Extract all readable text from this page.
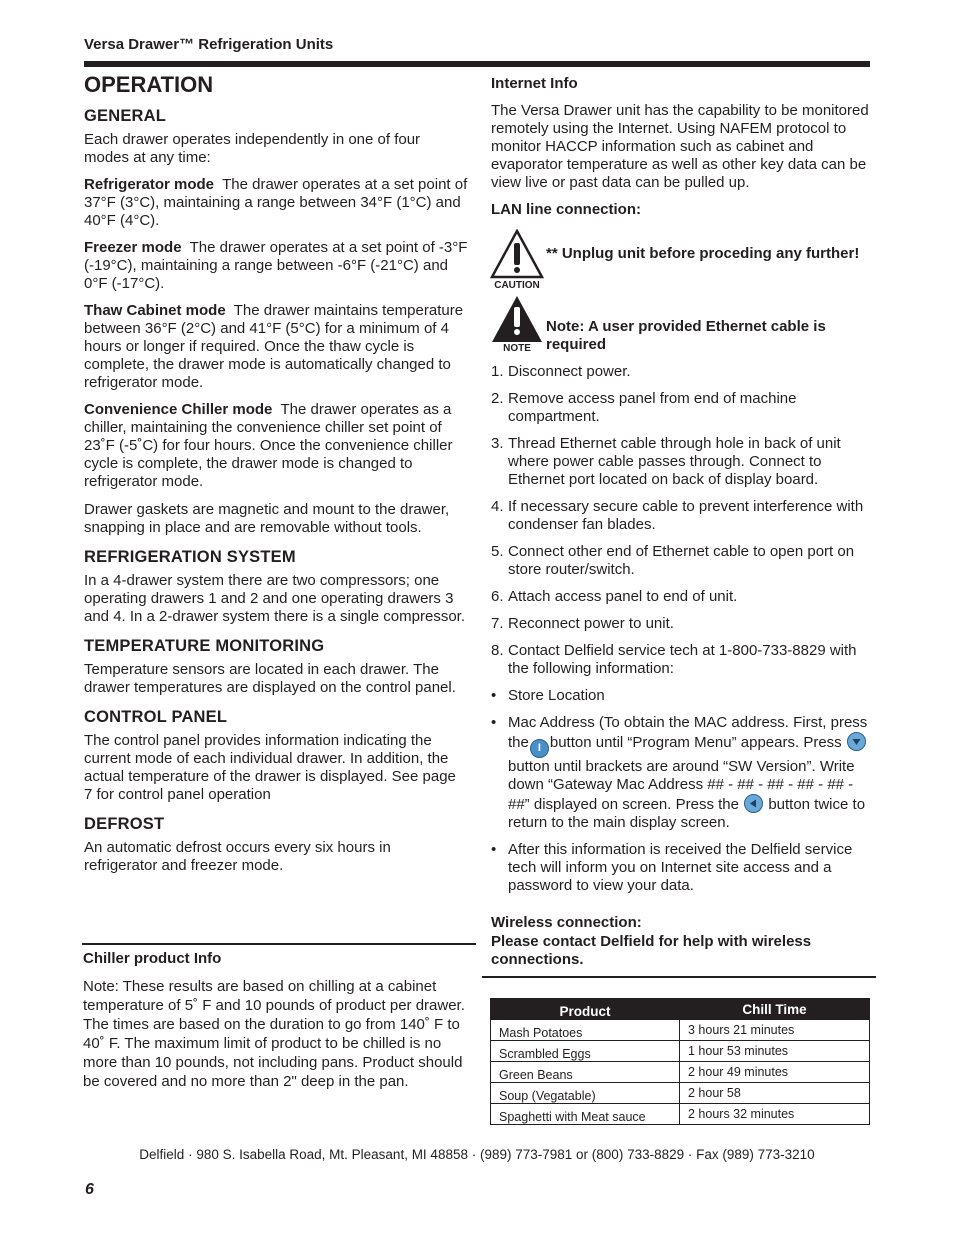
Versa Drawer™ Refrigeration Units
OPERATION
GENERAL

Each drawer operates independently in one of four modes at any time:

Refrigerator mode The drawer operates at a set point of 37°F (3°C), maintaining a range between 34°F (1°C) and 40°F (4°C).

Freezer mode The drawer operates at a set point of -3°F (-19°C), maintaining a range between -6°F (-21°C) and 0°F (-17°C).

Thaw Cabinet mode The drawer maintains temperature between 36°F (2°C) and 41°F (5°C) for a minimum of 4 hours or longer if required. Once the thaw cycle is complete, the drawer mode is automatically changed to refrigerator mode.

Convenience Chiller mode The drawer operates as a chiller, maintaining the convenience chiller set point of 23˚F (-5˚C) for four hours. Once the convenience chiller cycle is complete, the drawer mode is changed to refrigerator mode.

Drawer gaskets are magnetic and mount to the drawer, snapping in place and are removable without tools.

REFRIGERATION SYSTEM

In a 4-drawer system there are two compressors; one operating drawers 1 and 2 and one operating drawers 3 and 4. In a 2-drawer system there is a single compressor.

TEMPERATURE MONITORING

Temperature sensors are located in each drawer. The drawer temperatures are displayed on the control panel.

CONTROL PANEL

The control panel provides information indicating the current mode of each individual drawer. In addition, the actual temperature of the drawer is displayed. See page 7 for control panel operation

DEFROST

An automatic defrost occurs every six hours in refrigerator and freezer mode.

Chiller product Info

Note: These results are based on chilling at a cabinet temperature of 5˚ F and 10 pounds of product per drawer. The times are based on the duration to go from 140˚ F to 40˚ F. The maximum limit of product to be chilled is no more than 10 pounds, not including pans. Product should be covered and no more than 2" deep in the pan.

Internet Info

The Versa Drawer unit has the capability to be monitored remotely using the Internet. Using NAFEM protocol to monitor HACCP information such as cabinet and evaporator temperature as well as other key data can be view live or past data can be pulled up.

LAN line connection:
CAUTION
** Unplug unit before proceding any further!
NOTE
Note: A user provided Ethernet cable is required
1. Disconnect power.
2. Remove access panel from end of machine compartment.
3. Thread Ethernet cable through hole in back of unit where power cable passes through. Connect to Ethernet port located on back of display board.
4. If necessary secure cable to prevent interference with condenser fan blades.
5. Connect other end of Ethernet cable to open port on store router/switch.
6. Attach access panel to end of unit.
7. Reconnect power to unit.
8. Contact Delfield service tech at 1-800-733-8829 with the following information:
• Store Location
• Mac Address (To obtain the MAC address. First, press the I button until “Program Menu” appears. Press
button until brackets are around “SW Version”. Write down “Gateway Mac Address ## - ## - ## - ## - ## - ##” displayed on screen. Press the button twice to return to the main display screen.
• After this information is received the Delfield service tech will inform you on Internet site access and a password to view your data.
Wireless connection:
Please contact Delfield for help with wireless connections.
Product	Chill Time
Mash Potatoes	3 hours 21 minutes
Scrambled Eggs	1 hour 53 minutes
Green Beans	2 hour 49 minutes
Soup (Vegatable)	2 hour 58
Spaghetti with Meat sauce	2 hours 32 minutes
Delfield · 980 S. Isabella Road, Mt. Pleasant, MI 48858 · (989) 773-7981 or (800) 733-8829 · Fax (989) 773-3210
6
